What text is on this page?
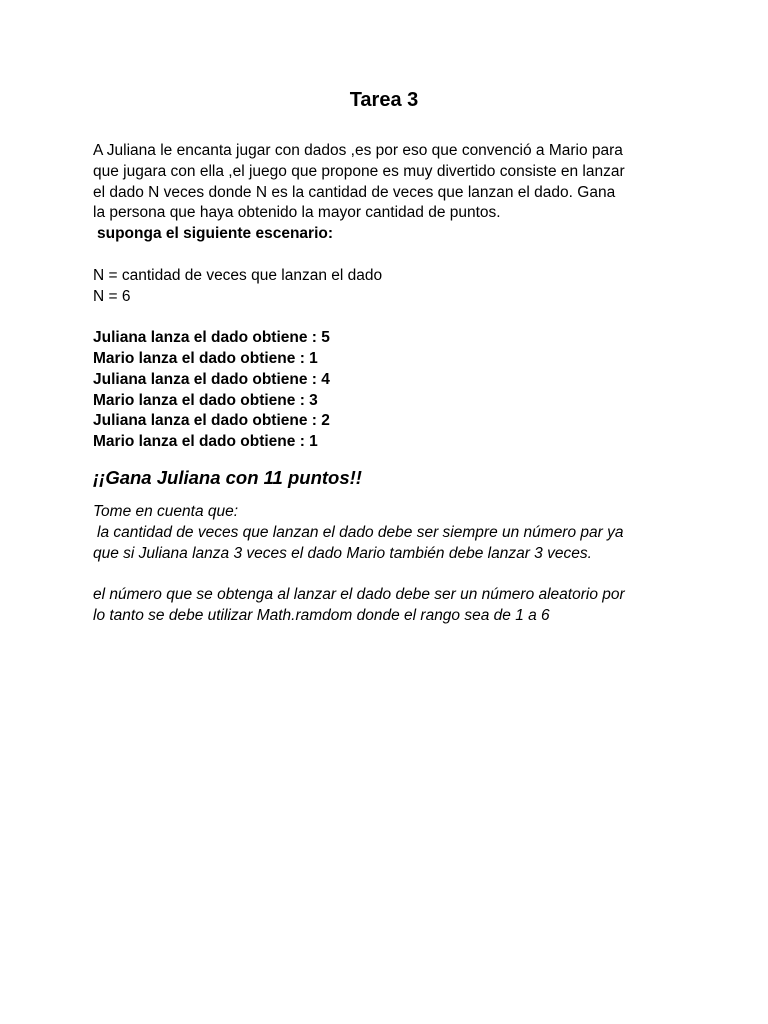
Tarea 3

A Juliana le encanta jugar con dados ,es por eso que convenció a Mario para

que jugara con ella ,el juego que propone es muy divertido consiste en lanzar

el dado N veces donde N es la cantidad de veces que lanzan el dado. Gana

la persona que haya obtenido la mayor cantidad de puntos.

suponga el siguiente escenario:

N = cantidad de veces que lanzan el dado

N = 6

Juliana lanza el dado obtiene : 5

Mario lanza el dado obtiene : 1

Juliana lanza el dado obtiene : 4

Mario lanza el dado obtiene : 3

Juliana lanza el dado obtiene : 2

Mario lanza el dado obtiene : 1

¡¡Gana Juliana con 11 puntos!!

Tome en cuenta que:

la cantidad de veces que lanzan el dado debe ser siempre un número par ya

que si Juliana lanza 3 veces el dado Mario también debe lanzar 3 veces.

el número que se obtenga al lanzar el dado debe ser un número aleatorio por

lo tanto se debe utilizar Math.ramdom donde el rango sea de 1 a 6
